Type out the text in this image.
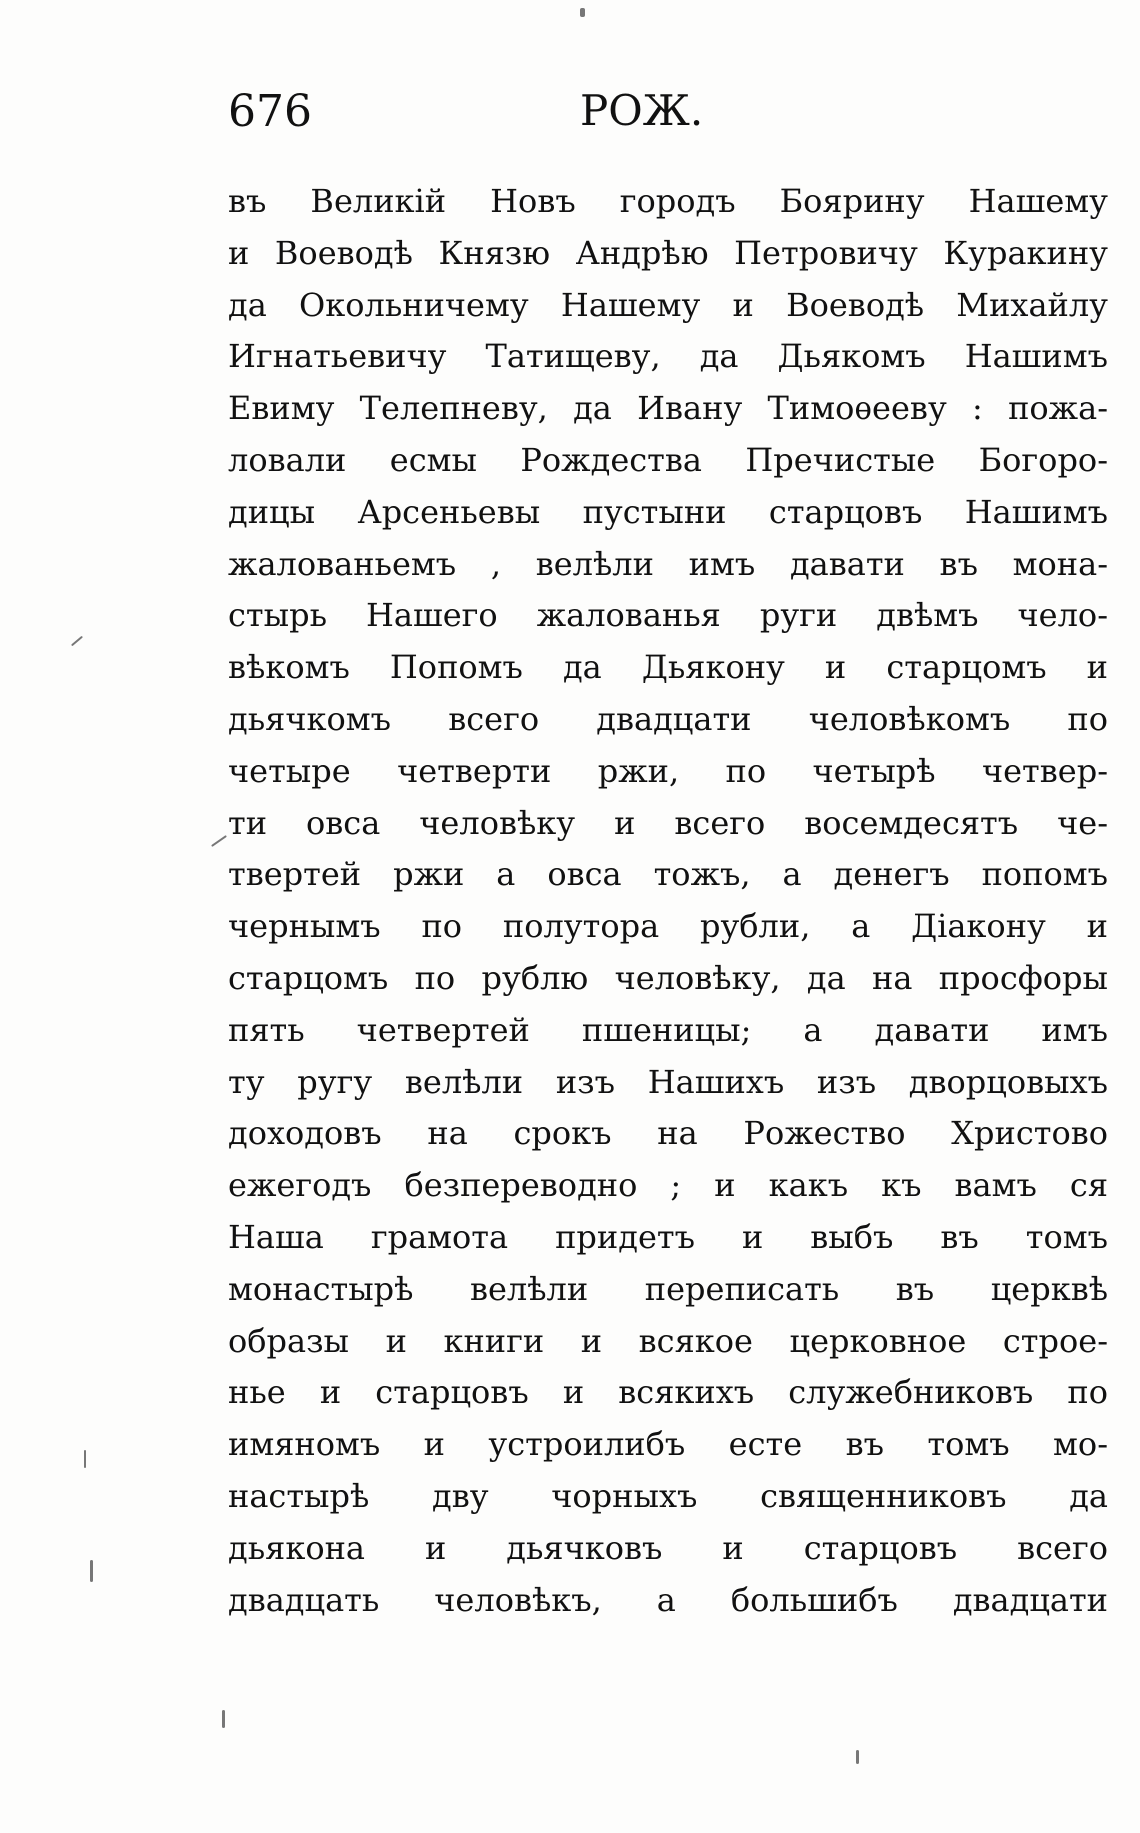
676	РОЖ.
въ Великiй Новъ городъ Боярину Нашему
и Воеводѣ Князю Андрѣю Петровичу Куракину
да Окольничему Нашему и Воеводѣ Михайлу
Игнатьевичу Татищеву, да Дьякомъ Нашимъ
Евиму Телепневу, да Ивану Тимоѳееву : пожа-
ловали есмы Рождества Пречистые Богоро-
дицы Арсеньевы пустыни старцовъ Нашимъ
жалованьемъ , велѣли имъ давати въ мона-
стырь Нашего жалованья руги двѣмъ чело-
вѣкомъ Попомъ да Дьякону и старцомъ и
дьячкомъ всего двадцати человѣкомъ по
четыре четверти ржи, по четырѣ четвер-
ти овса человѣку и всего восемдесятъ че-
твертей ржи а овса тожъ, а денегъ попомъ
чернымъ по полутора рубли, а Дiакону и
старцомъ по рублю человѣку, да на просфоры
пять четвертей пшеницы; а давати имъ
ту ругу велѣли изъ Нашихъ изъ дворцовыхъ
доходовъ на срокъ на Рожество Христово
ежегодъ безпереводно ; и какъ къ вамъ ся
Наша грамота придетъ и выбъ въ томъ
монастырѣ велѣли переписать въ церквѣ
образы и книги и всякое церковное строе-
нье и старцовъ и всякихъ служебниковъ по
имяномъ и устроилибъ есте въ томъ мо-
настырѣ дву чорныхъ священниковъ да
дьякона и дьячковъ и старцовъ всего
двадцать человѣкъ, а большибъ двадцати
